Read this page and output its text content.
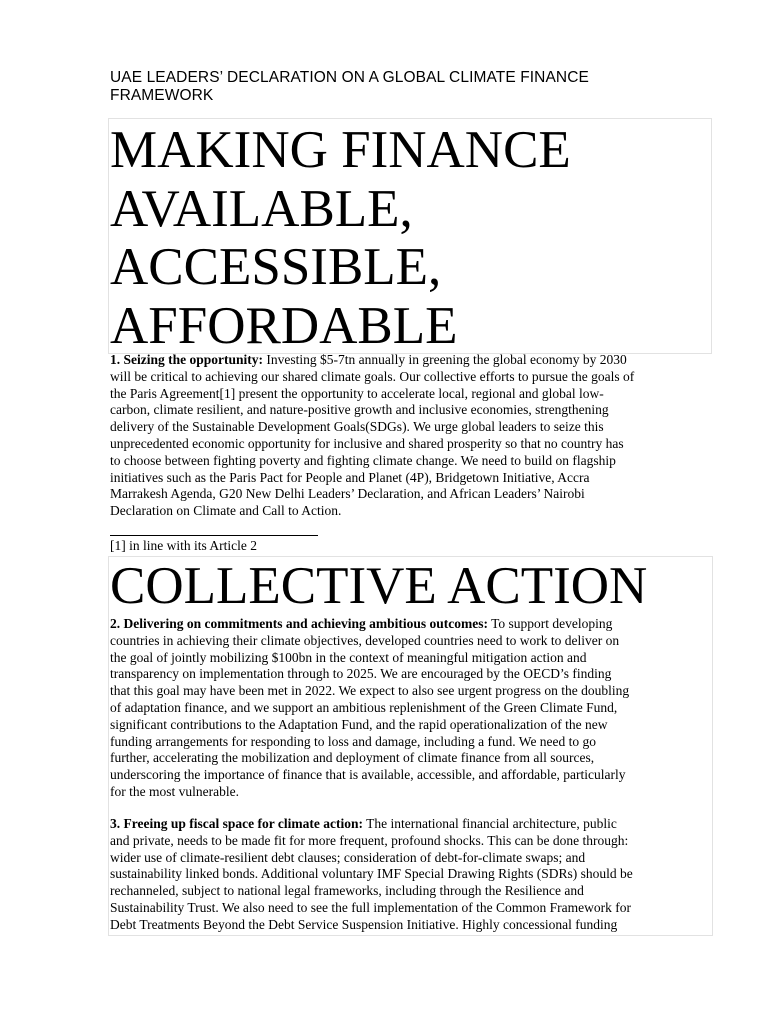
UAE LEADERS’ DECLARATION ON A GLOBAL CLIMATE FINANCE
FRAMEWORK
MAKING FINANCE
AVAILABLE,
ACCESSIBLE,
AFFORDABLE
1. Seizing the opportunity: Investing $5-7tn annually in greening the global economy by 2030
will be critical to achieving our shared climate goals. Our collective efforts to pursue the goals of
the Paris Agreement[1] present the opportunity to accelerate local, regional and global low-
carbon, climate resilient, and nature-positive growth and inclusive economies, strengthening
delivery of the Sustainable Development Goals(SDGs). We urge global leaders to seize this
unprecedented economic opportunity for inclusive and shared prosperity so that no country has
to choose between fighting poverty and fighting climate change. We need to build on flagship
initiatives such as the Paris Pact for People and Planet (4P), Bridgetown Initiative, Accra
Marrakesh Agenda, G20 New Delhi Leaders’ Declaration, and African Leaders’ Nairobi
Declaration on Climate and Call to Action.
[1] in line with its Article 2
COLLECTIVE ACTION
2. Delivering on commitments and achieving ambitious outcomes: To support developing
countries in achieving their climate objectives, developed countries need to work to deliver on
the goal of jointly mobilizing $100bn in the context of meaningful mitigation action and
transparency on implementation through to 2025. We are encouraged by the OECD’s finding
that this goal may have been met in 2022. We expect to also see urgent progress on the doubling
of adaptation finance, and we support an ambitious replenishment of the Green Climate Fund,
significant contributions to the Adaptation Fund, and the rapid operationalization of the new
funding arrangements for responding to loss and damage, including a fund. We need to go
further, accelerating the mobilization and deployment of climate finance from all sources,
underscoring the importance of finance that is available, accessible, and affordable, particularly
for the most vulnerable.
3. Freeing up fiscal space for climate action: The international financial architecture, public
and private, needs to be made fit for more frequent, profound shocks. This can be done through:
wider use of climate-resilient debt clauses; consideration of debt-for-climate swaps; and
sustainability linked bonds. Additional voluntary IMF Special Drawing Rights (SDRs) should be
rechanneled, subject to national legal frameworks, including through the Resilience and
Sustainability Trust. We also need to see the full implementation of the Common Framework for
Debt Treatments Beyond the Debt Service Suspension Initiative. Highly concessional funding
